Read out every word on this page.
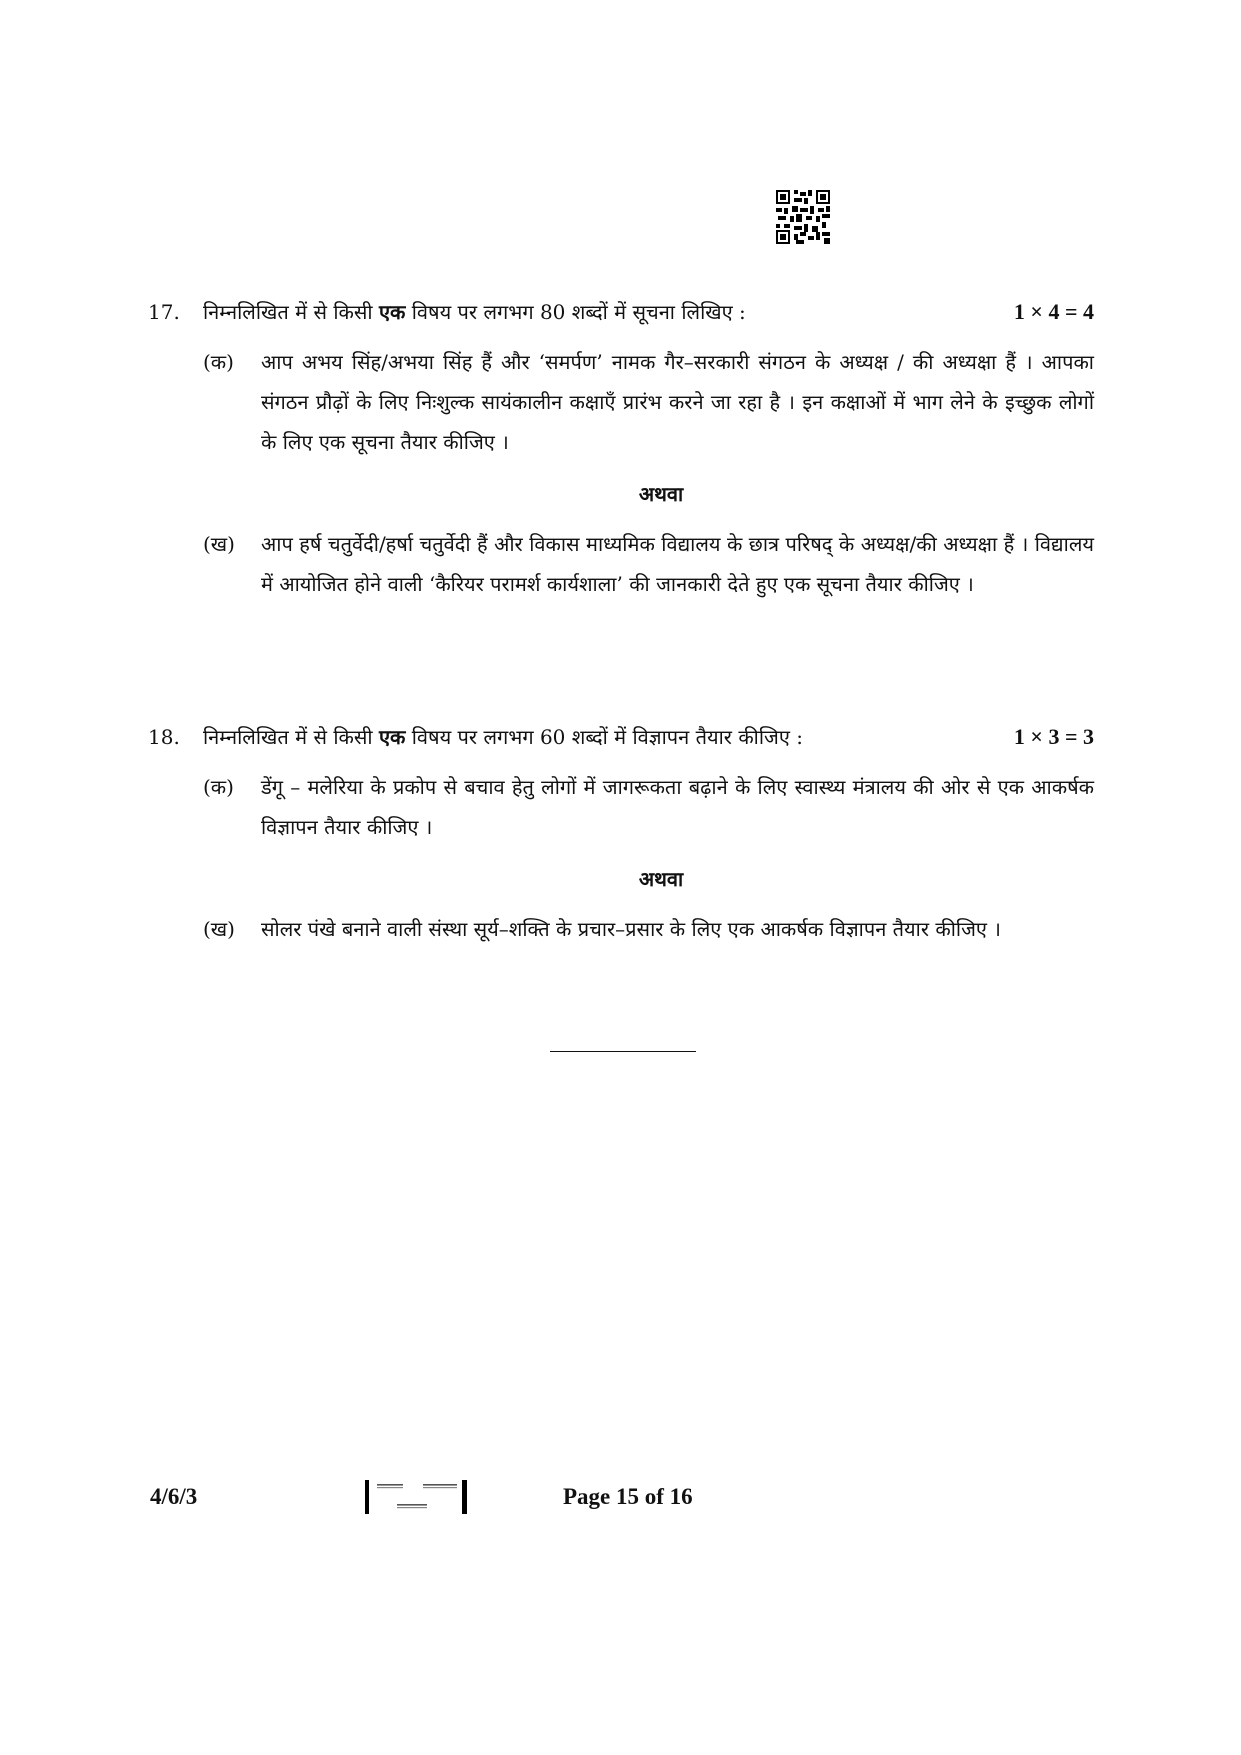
17. निम्नलिखित में से किसी एक विषय पर लगभग 80 शब्दों में सूचना लिखिए :	1 × 4 = 4
(क) आप अभय सिंह/अभया सिंह हैं और ‘समर्पण’ नामक गैर–सरकारी संगठन के अध्यक्ष / की अध्यक्षा हैं । आपका संगठन प्रौढ़ों के लिए निःशुल्क सायंकालीन कक्षाएँ प्रारंभ करने जा रहा है । इन कक्षाओं में भाग लेने के इच्छुक लोगों के लिए एक सूचना तैयार कीजिए ।
अथवा
(ख) आप हर्ष चतुर्वेदी/हर्षा चतुर्वेदी हैं और विकास माध्यमिक विद्यालय के छात्र परिषद् के अध्यक्ष/की अध्यक्षा हैं । विद्यालय में आयोजित होने वाली ‘कैरियर परामर्श कार्यशाला’ की जानकारी देते हुए एक सूचना तैयार कीजिए ।
18. निम्नलिखित में से किसी एक विषय पर लगभग 60 शब्दों में विज्ञापन तैयार कीजिए :	1 × 3 = 3
(क) डेंगू – मलेरिया के प्रकोप से बचाव हेतु लोगों में जागरूकता बढ़ाने के लिए स्वास्थ्य मंत्रालय की ओर से एक आकर्षक विज्ञापन तैयार कीजिए ।
अथवा
(ख) सोलर पंखे बनाने वाली संस्था सूर्य–शक्ति के प्रचार–प्रसार के लिए एक आकर्षक विज्ञापन तैयार कीजिए ।
4/6/3	Page 15 of 16
